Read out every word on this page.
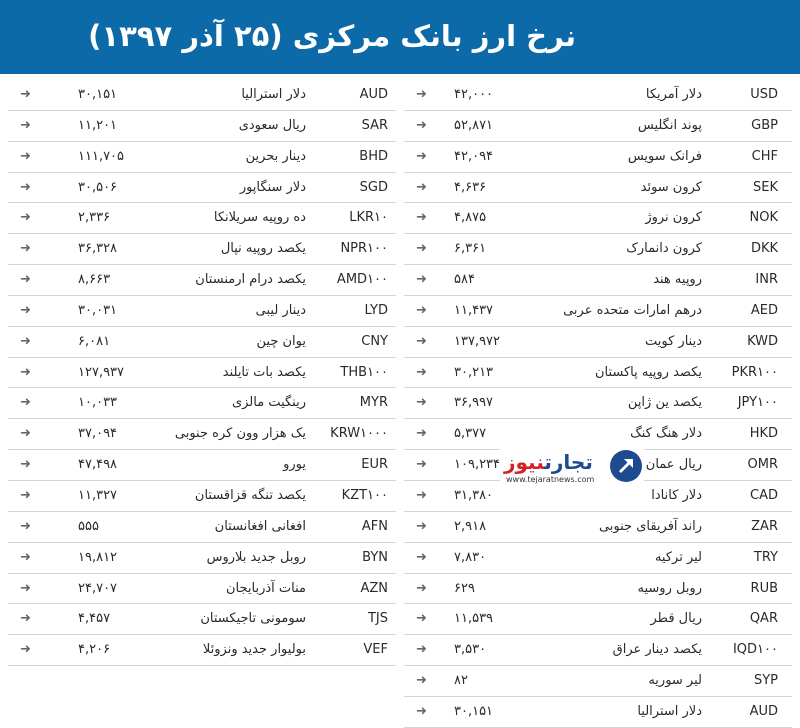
نرخ ارز بانک مرکزی (۲۵ آذر ۱۳۹۷)
➜	۳۰,۱۵۱	دلار استرالیا	AUD
➜	۱۱,۲۰۱	ریال سعودی	SAR
➜	۱۱۱,۷۰۵	دینار بحرین	BHD
➜	۳۰,۵۰۶	دلار سنگاپور	SGD
➜	۲,۳۳۶	ده روپیه سریلانکا	LKR۱۰
➜	۳۶,۳۲۸	یکصد روپیه نپال	NPR۱۰۰
➜	۸,۶۶۳	یکصد درام ارمنستان AMD۱۰۰
➜	۳۰,۰۳۱	دینار لیبی	LYD
➜	۶,۰۸۱	یوان چین	CNY
➜	۱۲۷,۹۳۷	یکصد بات تایلند	THB۱۰۰
➜	۱۰,۰۳۳	رینگیت مالزی	MYR
➜	۳۷,۰۹۴	یک هزار وون کره جنوبی KRW۱۰۰۰
➜	۴۷,۴۹۸	یورو	EUR
➜	۱۱,۳۲۷	یکصد تنگه قزاقستان	KZT۱۰۰
➜	۵۵۵	افغانی افغانستان	AFN
➜	۱۹,۸۱۲	روبل جدید بلاروس	BYN
➜	۲۴,۷۰۷	منات آذربایجان	AZN
➜	۴,۴۵۷	سومونی تاجیکستان	TJS
➜	۴,۲۰۶	بولیوار جدید ونزوئلا	VEF
➜ ۴۲,۰۰۰	دلار آمریکا	USD
➜ ۵۲,۸۷۱	پوند انگلیس	GBP
➜ ۴۲,۰۹۴	فرانک سویس	CHF
➜ ۴,۶۳۶	کرون سوئد	SEK
➜ ۴,۸۷۵	کرون نروژ	NOK
➜ ۶,۳۶۱	کرون دانمارک	DKK
➜ ۵۸۴	روپیه هند	INR
➜ ۱۱,۴۳۷	درهم امارات متحده عربی	AED
➜ ۱۳۷,۹۷۲	دینار کویت	KWD
➜ ۳۰,۲۱۳	یکصد روپیه پاکستان PKR۱۰۰
➜ ۳۶,۹۹۷	یکصد ین ژاپن	JPY۱۰۰
➜ ۵,۳۷۷	دلار هنگ کنگ	HKD
➜ ۱۰۹,۲۳۴	ریال عمان	OMR
➜ ۳۱,۳۸۰	دلار کانادا	CAD
➜ ۲,۹۱۸	راند آفریقای جنوبی	ZAR
➜ ۷,۸۳۰	لیر ترکیه	TRY
➜ ۶۲۹	روبل روسیه	RUB
➜ ۱۱,۵۳۹	ریال قطر	QAR
➜ ۳,۵۳۰	یکصد دینار عراق IQD۱۰۰
➜ ۸۲	لیر سوریه	SYP
➜ ۳۰,۱۵۱	دلار استرالیا	AUD
تجارتنیوز
www.tejaratnews.com
